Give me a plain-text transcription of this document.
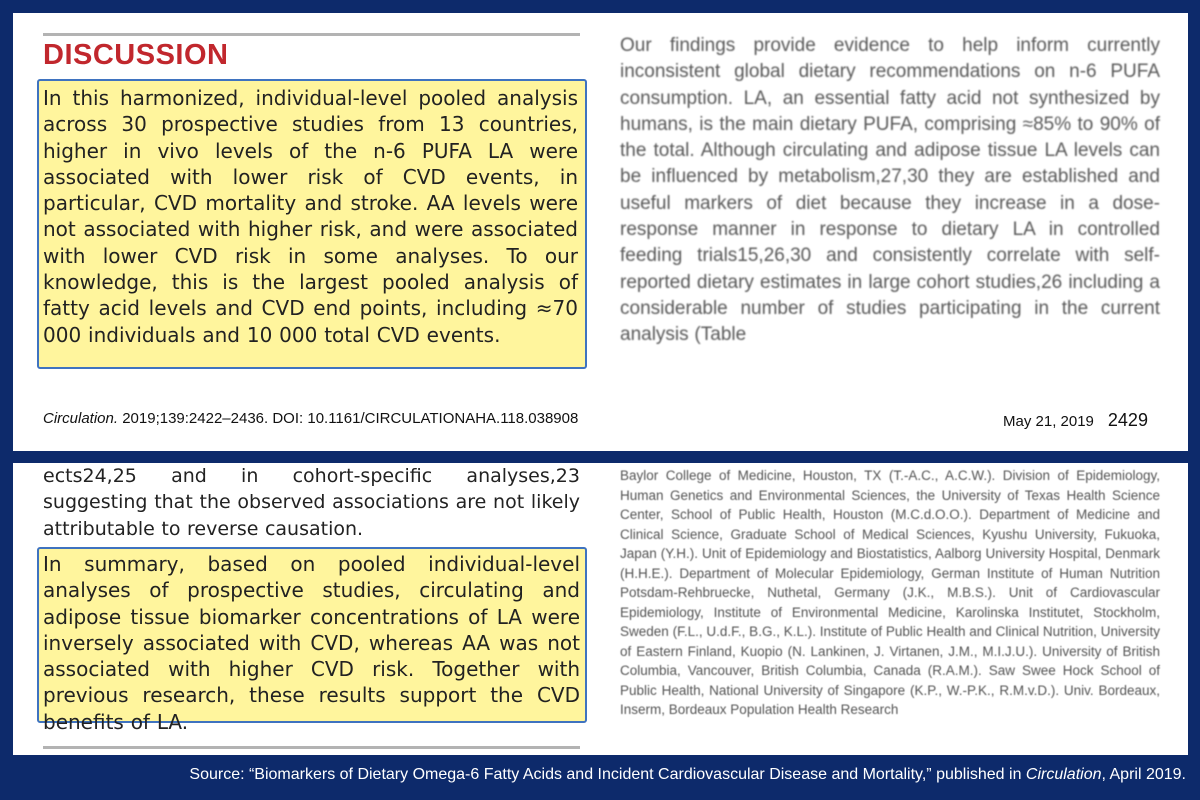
DISCUSSION

In this harmonized, individual-level pooled analysis across 30 prospective studies from 13 countries, higher in vivo levels of the n-6 PUFA LA were associated with lower risk of CVD events, in particular, CVD mortality and stroke. AA levels were not associated with higher risk, and were associated with lower CVD risk in some analyses. To our knowledge, this is the largest pooled analysis of fatty acid levels and CVD end points, including ≈70 000 individuals and 10 000 total CVD events.

Our findings provide evidence to help inform currently inconsistent global dietary recommendations on n-6 PUFA consumption. LA, an essential fatty acid not synthesized by humans, is the main dietary PUFA, comprising ≈85% to 90% of the total. Although circulating and adipose tissue LA levels can be influenced by metabolism,27,30 they are established and useful markers of diet because they increase in a dose-response manner in response to dietary LA in controlled feeding trials15,26,30 and consistently correlate with self-reported dietary estimates in large cohort studies,26 including a considerable number of studies participating in the current analysis (Table

Circulation. 2019;139:2422–2436. DOI: 10.1161/CIRCULATIONAHA.118.038908	May 21, 2019 2429

ects24,25 and in cohort-specific analyses,23 suggesting that the observed associations are not likely attributable to reverse causation.

In summary, based on pooled individual-level analyses of prospective studies, circulating and adipose tissue biomarker concentrations of LA were inversely associated with CVD, whereas AA was not associated with higher CVD risk. Together with previous research, these results support the CVD benefits of LA.

Baylor College of Medicine, Houston, TX (T.-A.C., A.C.W.). Division of Epidemiology, Human Genetics and Environmental Sciences, the University of Texas Health Science Center, School of Public Health, Houston (M.C.d.O.O.). Department of Medicine and Clinical Science, Graduate School of Medical Sciences, Kyushu University, Fukuoka, Japan (Y.H.). Unit of Epidemiology and Biostatistics, Aalborg University Hospital, Denmark (H.H.E.). Department of Molecular Epidemiology, German Institute of Human Nutrition Potsdam-Rehbruecke, Nuthetal, Germany (J.K., M.B.S.). Unit of Cardiovascular Epidemiology, Institute of Environmental Medicine, Karolinska Institutet, Stockholm, Sweden (F.L., U.d.F., B.G., K.L.). Institute of Public Health and Clinical Nutrition, University of Eastern Finland, Kuopio (N. Lankinen, J. Virtanen, J.M., M.I.J.U.). University of British Columbia, Vancouver, British Columbia, Canada (R.A.M.). Saw Swee Hock School of Public Health, National University of Singapore (K.P., W.-P.K., R.M.v.D.). Univ. Bordeaux, Inserm, Bordeaux Population Health Research

Source: “Biomarkers of Dietary Omega-6 Fatty Acids and Incident Cardiovascular Disease and Mortality,” published in Circulation, April 2019.
